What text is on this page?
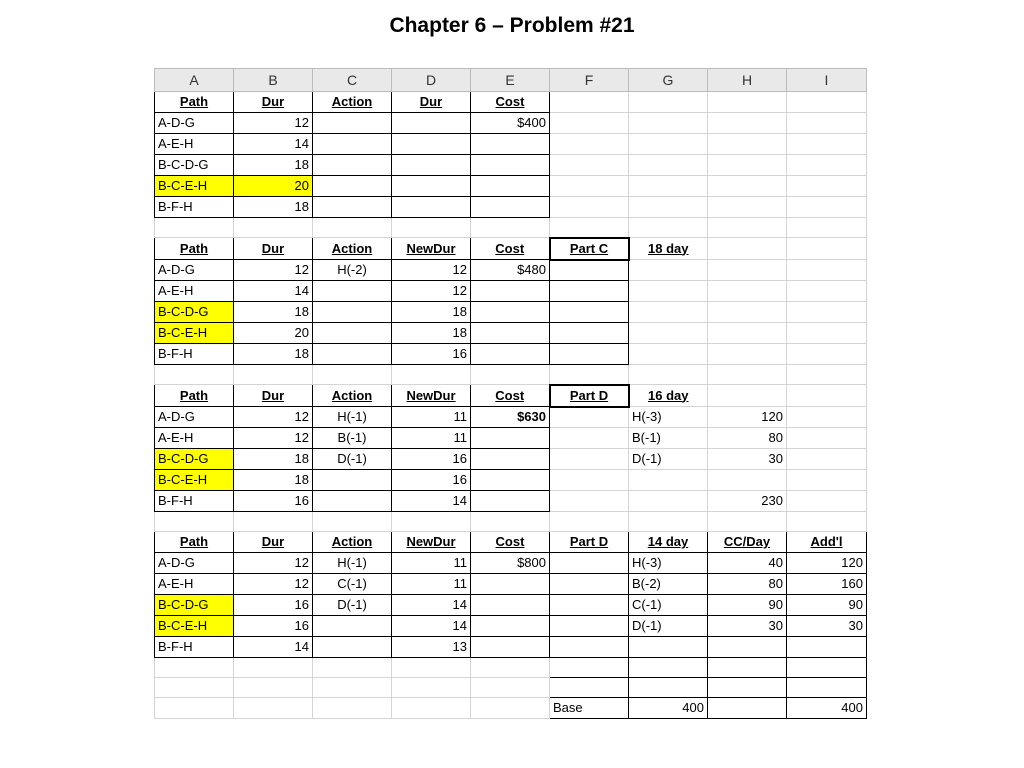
Chapter 6 – Problem #21
A	B	C	D	E	F	G	H	I
Path	Dur	Action	Dur	Cost				
A-D-G	12			$400				
A-E-H	14							
B-C-D-G	18							
B-C-E-H	20							
B-F-H	18							

Path	Dur	Action	NewDur	Cost	Part C	18 day		
A-D-G	12	H(-2)	12	$480				
A-E-H	14		12					
B-C-D-G	18		18					
B-C-E-H	20		18					
B-F-H	18		16					

Path	Dur	Action	NewDur	Cost	Part D	16 day		
A-D-G	12	H(-1)	11	$630		H(-3)	120	
A-E-H	12	B(-1)	11			B(-1)	80	
B-C-D-G	18	D(-1)	16			D(-1)	30	
B-C-E-H	18		16					
B-F-H	16		14				230	

Path	Dur	Action	NewDur	Cost	Part D	14 day	CC/Day	Add'l
A-D-G	12	H(-1)	11	$800		H(-3)	40	120
A-E-H	12	C(-1)	11			B(-2)	80	160
B-C-D-G	16	D(-1)	14			C(-1)	90	90
B-C-E-H	16		14			D(-1)	30	30
B-F-H	14		13					

					Base	400		400
